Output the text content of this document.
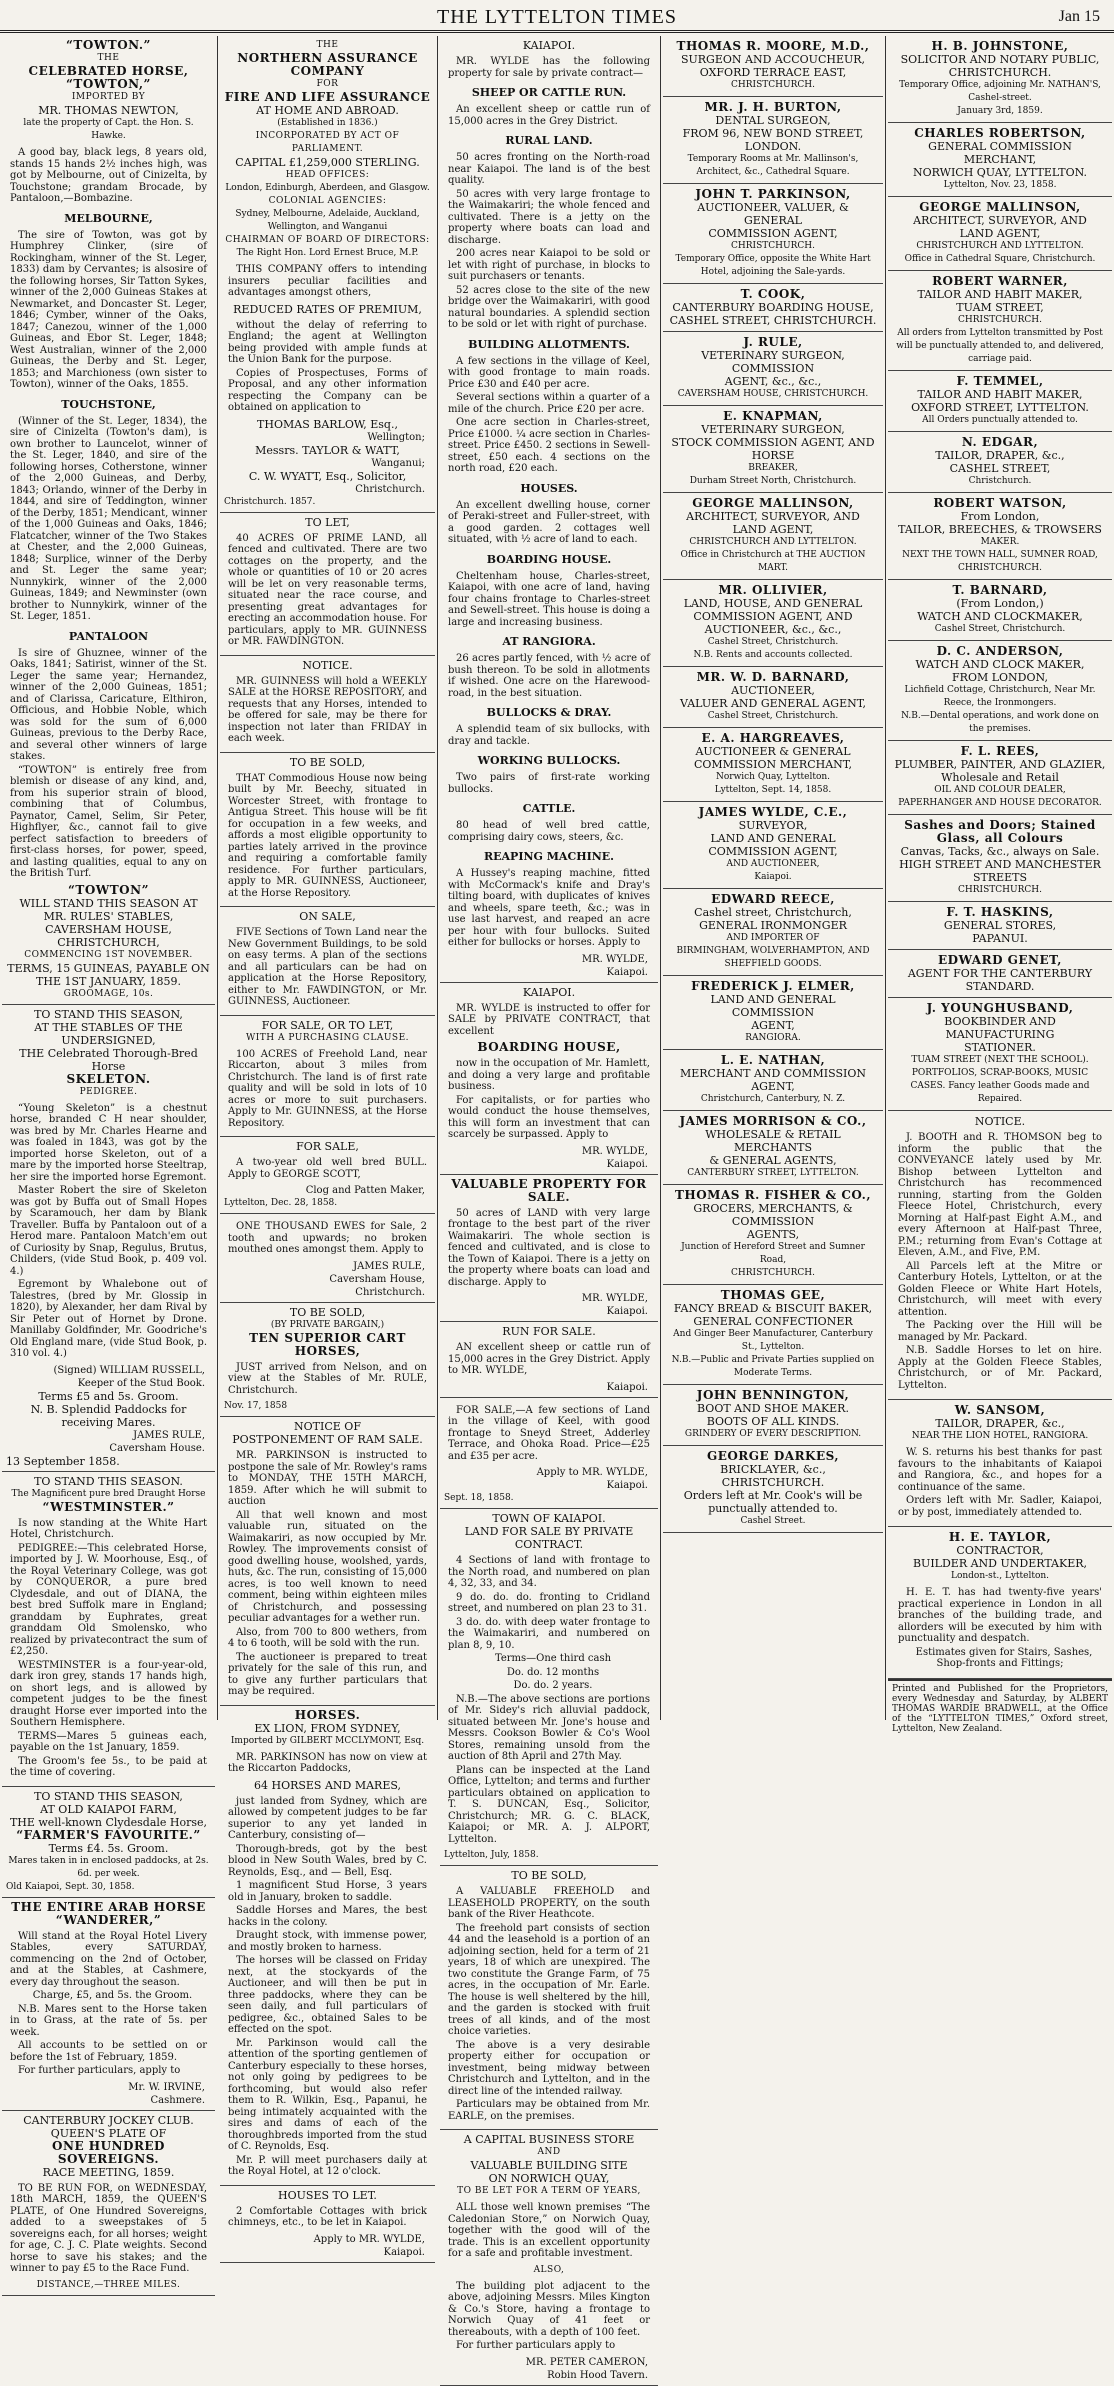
THE LYTTELTON TIMES	Jan 15
“TOWTON.”
THE
CELEBRATED HORSE, “TOWTON,”
IMPORTED BY
MR. THOMAS NEWTON,
late the property of Capt. the Hon. S. Hawke.

A good bay, black legs, 8 years old, stands 15 hands 2½ inches high, was got by Melbourne, out of Cinizelta, by Touchstone; grandam Brocade, by Pantaloon,—Bombazine.

MELBOURNE,

The sire of Towton, was got by Humphrey Clinker, (sire of Rockingham, winner of the St. Leger, 1833) dam by Cervantes; is alsosire of the following horses, Sir Tatton Sykes, winner of the 2,000 Guineas Stakes at Newmarket, and Doncaster St. Leger, 1846; Cymber, winner of the Oaks, 1847; Canezou, winner of the 1,000 Guineas, and Ebor St. Leger, 1848; West Australian, winner of the 2,000 Guineas, the Derby and St. Leger, 1853; and Marchioness (own sister to Towton), winner of the Oaks, 1855.

TOUCHSTONE,

(Winner of the St. Leger, 1834), the sire of Cinizelta (Towton's dam), is own brother to Launcelot, winner of the St. Leger, 1840, and sire of the following horses, Cotherstone, winner of the 2,000 Guineas, and Derby, 1843; Orlando, winner of the Derby in 1844, and sire of Teddington, winner of the Derby, 1851; Mendicant, winner of the 1,000 Guineas and Oaks, 1846; Flatcatcher, winner of the Two Stakes at Chester, and the 2,000 Guineas, 1848; Surplice, winner of the Derby and St. Leger the same year; Nunnykirk, winner of the 2,000 Guineas, 1849; and Newminster (own brother to Nunnykirk, winner of the St. Leger, 1851.

PANTALOON

Is sire of Ghuznee, winner of the Oaks, 1841; Satirist, winner of the St. Leger the same year; Hernandez, winner of the 2,000 Guineas, 1851; and of Clarissa, Caricature, Elthiron, Officious, and Hobbie Noble, which was sold for the sum of 6,000 Guineas, previous to the Derby Race, and several other winners of large stakes.

“TOWTON” is entirely free from blemish or disease of any kind, and, from his superior strain of blood, combining that of Columbus, Paynator, Camel, Selim, Sir Peter, Highflyer, &c., cannot fail to give perfect satisfaction to breeders of first-class horses, for power, speed, and lasting qualities, equal to any on the British Turf.

“TOWTON”
WILL STAND THIS SEASON AT
MR. RULES' STABLES,
CAVERSHAM HOUSE, CHRISTCHURCH,
COMMENCING 1ST NOVEMBER.
TERMS, 15 GUINEAS, PAYABLE ON
THE 1ST JANUARY, 1859.
GROOMAGE, 10s.
TO STAND THIS SEASON,
AT THE STABLES OF THE
UNDERSIGNED,
THE Celebrated Thorough-Bred Horse
SKELETON.
PEDIGREE.

“Young Skeleton” is a chestnut horse, branded C H near shoulder, was bred by Mr. Charles Hearne and was foaled in 1843, was got by the imported horse Skeleton, out of a mare by the imported horse Steeltrap, her sire the imported horse Egremont.

Master Robert the sire of Skeleton was got by Buffa out of Small Hopes by Scaramouch, her dam by Blank Traveller. Buffa by Pantaloon out of a Herod mare. Pantaloon Match'em out of Curiosity by Snap, Regulus, Brutus, Childers, (vide Stud Book, p. 409 vol. 4.)

Egremont by Whalebone out of Talestres, (bred by Mr. Glossip in 1820), by Alexander, her dam Rival by Sir Peter out of Hornet by Drone. Manillaby Goldfinder, Mr. Goodriche's Old England mare, (vide Stud Book, p. 310 vol. 4.)

(Signed) WILLIAM RUSSELL,
Keeper of the Stud Book.
Terms £5 and 5s. Groom.
N. B. Splendid Paddocks for receiving Mares.
JAMES RULE,
Caversham House.
13 September 1858.
TO STAND THIS SEASON.
The Magnificent pure bred Draught Horse
“WESTMINSTER.”

Is now standing at the White Hart Hotel, Christchurch.

PEDIGREE:—This celebrated Horse, imported by J. W. Moorhouse, Esq., of the Royal Veterinary College, was got by CONQUEROR, a pure bred Clydesdale, and out of DIANA, the best bred Suffolk mare in England; granddam by Euphrates, great granddam Old Smolensko, who realized by privatecontract the sum of £2,250.

WESTMINSTER is a four-year-old, dark iron grey, stands 17 hands high, on short legs, and is allowed by competent judges to be the finest draught Horse ever imported into the Southern Hemisphere.

TERMS—Mares 5 guineas each, payable on the 1st January, 1859.

The Groom's fee 5s., to be paid at the time of covering.

TO STAND THIS SEASON,
AT OLD KAIAPOI FARM,
THE well-known Clydesdale Horse,
“FARMER'S FAVOURITE.”
Terms £4. 5s. Groom.
Mares taken in in enclosed paddocks, at 2s. 6d. per week.
Old Kaiapoi, Sept. 30, 1858.
THE ENTIRE ARAB HORSE
“WANDERER,”

Will stand at the Royal Hotel Livery Stables, every SATURDAY, commencing on the 2nd of October, and at the Stables, at Cashmere, every day throughout the season.

Charge, £5, and 5s. the Groom.

N.B. Mares sent to the Horse taken in to Grass, at the rate of 5s. per week.

All accounts to be settled on or before the 1st of February, 1859.

For further particulars, apply to

Mr. W. IRVINE,
Cashmere.
CANTERBURY JOCKEY CLUB.
QUEEN'S PLATE OF
ONE HUNDRED SOVEREIGNS.
RACE MEETING, 1859.

TO BE RUN FOR, on WEDNESDAY, 18th MARCH, 1859, the QUEEN'S PLATE, of One Hundred Sovereigns, added to a sweepstakes of 5 sovereigns each, for all horses; weight for age, C. J. C. Plate weights. Second horse to save his stakes; and the winner to pay £5 to the Race Fund.

DISTANCE,—THREE MILES.
THE
NORTHERN ASSURANCE COMPANY
FOR
FIRE AND LIFE ASSURANCE
AT HOME AND ABROAD.
(Established in 1836.)
INCORPORATED BY ACT OF PARLIAMENT.
CAPITAL £1,259,000 STERLING.
HEAD OFFICES:
London, Edinburgh, Aberdeen, and Glasgow.
COLONIAL AGENCIES:
Sydney, Melbourne, Adelaide, Auckland, Wellington, and Wanganui
CHAIRMAN OF BOARD OF DIRECTORS:
The Right Hon. Lord Ernest Bruce, M.P.

THIS COMPANY offers to intending insurers peculiar facilities and advantages amongst others,

REDUCED RATES OF PREMIUM,

without the delay of referring to England; the agent at Wellington being provided with ample funds at the Union Bank for the purpose.

Copies of Prospectuses, Forms of Proposal, and any other information respecting the Company can be obtained on application to

THOMAS BARLOW, Esq.,
Wellington;
Messrs. TAYLOR & WATT,
Wanganui;
C. W. WYATT, Esq., Solicitor,
Christchurch.
Christchurch. 1857.
TO LET,

40 ACRES OF PRIME LAND, all fenced and cultivated. There are two cottages on the property, and the whole or quantities of 10 or 20 acres will be let on very reasonable terms, situated near the race course, and presenting great advantages for erecting an accommodation house. For particulars, apply to MR. GUINNESS or MR. FAWDINGTON.

NOTICE.

MR. GUINNESS will hold a WEEKLY SALE at the HORSE REPOSITORY, and requests that any Horses, intended to be offered for sale, may be there for inspection not later than FRIDAY in each week.

TO BE SOLD,

THAT Commodious House now being built by Mr. Beechy, situated in Worcester Street, with frontage to Antigua Street. This house will be fit for occupation in a few weeks, and affords a most eligible opportunity to parties lately arrived in the province and requiring a comfortable family residence. For further particulars, apply to MR. GUINNESS, Auctioneer, at the Horse Repository.

ON SALE,

FIVE Sections of Town Land near the New Government Buildings, to be sold on easy terms. A plan of the sections and all particulars can be had on application at the Horse Repository, either to Mr. FAWDINGTON, or Mr. GUINNESS, Auctioneer.

FOR SALE, OR TO LET,
WITH A PURCHASING CLAUSE.

100 ACRES of Freehold Land, near Riccarton, about 3 miles from Christchurch. The land is of first rate quality and will be sold in lots of 10 acres or more to suit purchasers. Apply to Mr. GUINNESS, at the Horse Repository.

FOR SALE,

A two-year old well bred BULL. Apply to GEORGE SCOTT,

Clog and Patten Maker,
Lyttelton, Dec. 28, 1858.

ONE THOUSAND EWES for Sale, 2 tooth and upwards; no broken mouthed ones amongst them. Apply to

JAMES RULE,
Caversham House,
Christchurch.
TO BE SOLD,
(BY PRIVATE BARGAIN,)
TEN SUPERIOR CART HORSES,

JUST arrived from Nelson, and on view at the Stables of Mr. RULE, Christchurch.

Nov. 17, 1858
NOTICE OF
POSTPONEMENT OF RAM SALE.

MR. PARKINSON is instructed to postpone the sale of Mr. Rowley's rams to MONDAY, THE 15TH MARCH, 1859. After which he will submit to auction

All that well known and most valuable run, situated on the Waimakariri, as now occupied by Mr. Rowley. The improvements consist of good dwelling house, woolshed, yards, huts, &c. The run, consisting of 15,000 acres, is too well known to need comment, being within eighteen miles of Christchurch, and possessing peculiar advantages for a wether run.

Also, from 700 to 800 wethers, from 4 to 6 tooth, will be sold with the run.

The auctioneer is prepared to treat privately for the sale of this run, and to give any further particulars that may be required.

HORSES.
EX LION, FROM SYDNEY,
Imported by GILBERT MCCLYMONT, Esq.

MR. PARKINSON has now on view at the Riccarton Paddocks,

64 HORSES AND MARES,

just landed from Sydney, which are allowed by competent judges to be far superior to any yet landed in Canterbury, consisting of—

Thorough-breds, got by the best blood in New South Wales, bred by C. Reynolds, Esq., and — Bell, Esq.

1 magnificent Stud Horse, 3 years old in January, broken to saddle.

Saddle Horses and Mares, the best hacks in the colony.

Draught stock, with immense power, and mostly broken to harness.

The horses will be classed on Friday next, at the stockyards of the Auctioneer, and will then be put in three paddocks, where they can be seen daily, and full particulars of pedigree, &c., obtained Sales to be effected on the spot.

Mr. Parkinson would call the attention of the sporting gentlemen of Canterbury especially to these horses, not only going by pedigrees to be forthcoming, but would also refer them to R. Wilkin, Esq., Papanui, he being intimately acquainted with the sires and dams of each of the thoroughbreds imported from the stud of C. Reynolds, Esq.

Mr. P. will meet purchasers daily at the Royal Hotel, at 12 o'clock.

HOUSES TO LET.

2 Comfortable Cottages with brick chimneys, etc., to be let in Kaiapoi.

Apply to MR. WYLDE,
Kaiapoi.
KAIAPOI.

MR. WYLDE has the following property for sale by private contract—

SHEEP OR CATTLE RUN.

An excellent sheep or cattle run of 15,000 acres in the Grey District.

RURAL LAND.

50 acres fronting on the North-road near Kaiapoi. The land is of the best quality.

50 acres with very large frontage to the Waimakariri; the whole fenced and cultivated. There is a jetty on the property where boats can load and discharge.

200 acres near Kaiapoi to be sold or let with right of purchase, in blocks to suit purchasers or tenants.

52 acres close to the site of the new bridge over the Waimakariri, with good natural boundaries. A splendid section to be sold or let with right of purchase.

BUILDING ALLOTMENTS.

A few sections in the village of Keel, with good frontage to main roads. Price £30 and £40 per acre.

Several sections within a quarter of a mile of the church. Price £20 per acre.

One acre section in Charles-street, Price £1000. ¼ acre section in Charles-street. Price £450. 2 sections in Sewell-street, £50 each. 4 sections on the north road, £20 each.

HOUSES.

An excellent dwelling house, corner of Peraki-street and Fuller-street, with a good garden. 2 cottages well situated, with ½ acre of land to each.

BOARDING HOUSE.

Cheltenham house, Charles-street, Kaiapoi, with one acre of land, having four chains frontage to Charles-street and Sewell-street. This house is doing a large and increasing business.

AT RANGIORA.

26 acres partly fenced, with ½ acre of bush thereon. To be sold in allotments if wished. One acre on the Harewood-road, in the best situation.

BULLOCKS & DRAY.

A splendid team of six bullocks, with dray and tackle.

WORKING BULLOCKS.

Two pairs of first-rate working bullocks.

CATTLE.

80 head of well bred cattle, comprising dairy cows, steers, &c.

REAPING MACHINE.

A Hussey's reaping machine, fitted with McCormack's knife and Dray's tilting board, with duplicates of knives and wheels, spare teeth, &c.; was in use last harvest, and reaped an acre per hour with four bullocks. Suited either for bullocks or horses. Apply to

MR. WYLDE,
Kaiapoi.
KAIAPOI.

MR. WYLDE is instructed to offer for SALE by PRIVATE CONTRACT, that excellent

BOARDING HOUSE,

now in the occupation of Mr. Hamlett, and doing a very large and profitable business.

For capitalists, or for parties who would conduct the house themselves, this will form an investment that can scarcely be surpassed. Apply to

MR. WYLDE,
Kaiapoi.
VALUABLE PROPERTY FOR SALE.

50 acres of LAND with very large frontage to the best part of the river Waimakariri. The whole section is fenced and cultivated, and is close to the Town of Kaiapoi. There is a jetty on the property where boats can load and discharge. Apply to

MR. WYLDE,
Kaiapoi.
RUN FOR SALE.

AN excellent sheep or cattle run of 15,000 acres in the Grey District. Apply to MR. WYLDE,

Kaiapoi.

FOR SALE,—A few sections of Land in the village of Keel, with good frontage to Sneyd Street, Adderley Terrace, and Ohoka Road. Price—£25 and £35 per acre.

Apply to MR. WYLDE,
Kaiapoi.
Sept. 18, 1858.
TOWN OF KAIAPOI.
LAND FOR SALE BY PRIVATE CONTRACT.

4 Sections of land with frontage to the North road, and numbered on plan 4, 32, 33, and 34.

9 do. do. do. fronting to Cridland street, and numbered on plan 23 to 31.

3 do. do. with deep water frontage to the Waimakariri, and numbered on plan 8, 9, 10.

Terms—One third cash

Do. do. 12 months

Do. do. 2 years.

N.B.—The above sections are portions of Mr. Sidey's rich alluvial paddock, situated between Mr. Jone's house and Messrs. Cookson Bowler & Co's Wool Stores, remaining unsold from the auction of 8th April and 27th May.

Plans can be inspected at the Land Office, Lyttelton; and terms and further particulars obtained on application to T. S. DUNCAN, Esq., Solicitor, Christchurch; MR. G. C. BLACK, Kaiapoi; or MR. A. J. ALPORT, Lyttelton.

Lyttelton, July, 1858.
TO BE SOLD,

A VALUABLE FREEHOLD and LEASEHOLD PROPERTY, on the south bank of the River Heathcote.

The freehold part consists of section 44 and the leasehold is a portion of an adjoining section, held for a term of 21 years, 18 of which are unexpired. The two constitute the Grange Farm, of 75 acres, in the occupation of Mr. Earle. The house is well sheltered by the hill, and the garden is stocked with fruit trees of all kinds, and of the most choice varieties.

The above is a very desirable property either for occupation or investment, being midway between Christchurch and Lyttelton, and in the direct line of the intended railway.

Particulars may be obtained from Mr. EARLE, on the premises.

A CAPITAL BUSINESS STORE
AND
VALUABLE BUILDING SITE
ON NORWICH QUAY,
TO BE LET FOR A TERM OF YEARS,

ALL those well known premises “The Caledonian Store,” on Norwich Quay, together with the good will of the trade. This is an excellent opportunity for a safe and profitable investment.

ALSO,

The building plot adjacent to the above, adjoining Messrs. Miles Kington & Co.'s Store, having a frontage to Norwich Quay of 41 feet or thereabouts, with a depth of 100 feet.

For further particulars apply to

MR. PETER CAMERON,
Robin Hood Tavern.
THOMAS R. MOORE, M.D.,
SURGEON AND ACCOUCHEUR,
OXFORD TERRACE EAST,
CHRISTCHURCH.
MR. J. H. BURTON,
DENTAL SURGEON,
FROM 96, NEW BOND STREET, LONDON.
Temporary Rooms at Mr. Mallinson's, Architect, &c., Cathedral Square.
JOHN T. PARKINSON,
AUCTIONEER, VALUER, & GENERAL
COMMISSION AGENT,
CHRISTCHURCH.
Temporary Office, opposite the White Hart Hotel, adjoining the Sale-yards.
T. COOK,
CANTERBURY BOARDING HOUSE,
CASHEL STREET, CHRISTCHURCH.
J. RULE,
VETERINARY SURGEON, COMMISSION
AGENT, &c., &c.,
CAVERSHAM HOUSE, CHRISTCHURCH.
E. KNAPMAN,
VETERINARY SURGEON,
STOCK COMMISSION AGENT, AND HORSE
BREAKER,
Durham Street North, Christchurch.
GEORGE MALLINSON,
ARCHITECT, SURVEYOR, AND
LAND AGENT,
CHRISTCHURCH AND LYTTELTON.
Office in Christchurch at THE AUCTION MART.
MR. OLLIVIER,
LAND, HOUSE, AND GENERAL
COMMISSION AGENT, AND AUCTIONEER, &c., &c.,
Cashel Street, Christchurch.
N.B. Rents and accounts collected.
MR. W. D. BARNARD,
AUCTIONEER,
VALUER AND GENERAL AGENT,
Cashel Street, Christchurch.
E. A. HARGREAVES,
AUCTIONEER & GENERAL
COMMISSION MERCHANT,
Norwich Quay, Lyttelton.
Lyttelton, Sept. 14, 1858.
JAMES WYLDE, C.E.,
SURVEYOR,
LAND AND GENERAL COMMISSION AGENT,
AND AUCTIONEER,
Kaiapoi.
EDWARD REECE,
Cashel street, Christchurch,
GENERAL IRONMONGER
AND IMPORTER OF
BIRMINGHAM, WOLVERHAMPTON, AND SHEFFIELD GOODS.
FREDERICK J. ELMER,
LAND AND GENERAL COMMISSION
AGENT,
RANGIORA.
L. E. NATHAN,
MERCHANT AND COMMISSION
AGENT,
Christchurch, Canterbury, N. Z.
JAMES MORRISON & CO.,
WHOLESALE & RETAIL MERCHANTS
& GENERAL AGENTS,
CANTERBURY STREET, LYTTELTON.
THOMAS R. FISHER & CO.,
GROCERS, MERCHANTS, & COMMISSION
AGENTS,
Junction of Hereford Street and Sumner Road,
CHRISTCHURCH.
THOMAS GEE,
FANCY BREAD & BISCUIT BAKER,
GENERAL CONFECTIONER
And Ginger Beer Manufacturer, Canterbury St., Lyttelton.
N.B.—Public and Private Parties supplied on Moderate Terms.
JOHN BENNINGTON,
BOOT AND SHOE MAKER.
BOOTS OF ALL KINDS.
GRINDERY OF EVERY DESCRIPTION.
GEORGE DARKES,
BRICKLAYER, &c., CHRISTCHURCH.
Orders left at Mr. Cook's will be punctually attended to.
Cashel Street.
H. B. JOHNSTONE,
SOLICITOR AND NOTARY PUBLIC,
CHRISTCHURCH.
Temporary Office, adjoining Mr. NATHAN'S, Cashel-street.
January 3rd, 1859.
CHARLES ROBERTSON,
GENERAL COMMISSION MERCHANT,
NORWICH QUAY, LYTTELTON.
Lyttelton, Nov. 23, 1858.
GEORGE MALLINSON,
ARCHITECT, SURVEYOR, AND
LAND AGENT,
CHRISTCHURCH AND LYTTELTON.
Office in Cathedral Square, Christchurch.
ROBERT WARNER,
TAILOR AND HABIT MAKER,
TUAM STREET,
CHRISTCHURCH.
All orders from Lyttelton transmitted by Post will be punctually attended to, and delivered, carriage paid.
F. TEMMEL,
TAILOR AND HABIT MAKER,
OXFORD STREET, LYTTELTON.
All Orders punctually attended to.
N. EDGAR,
TAILOR, DRAPER, &c.,
CASHEL STREET,
Christchurch.
ROBERT WATSON,
From London,
TAILOR, BREECHES, & TROWSERS
MAKER.
NEXT THE TOWN HALL, SUMNER ROAD, CHRISTCHURCH.
T. BARNARD,
(From London,)
WATCH AND CLOCKMAKER,
Cashel Street, Christchurch.
D. C. ANDERSON,
WATCH AND CLOCK MAKER,
FROM LONDON,
Lichfield Cottage, Christchurch, Near Mr. Reece, the Ironmongers.
N.B.—Dental operations, and work done on the premises.
F. L. REES,
PLUMBER, PAINTER, AND GLAZIER,
Wholesale and Retail
OIL AND COLOUR DEALER,
PAPERHANGER AND HOUSE DECORATOR.
Sashes and Doors; Stained Glass, all Colours
Canvas, Tacks, &c., always on Sale.
HIGH STREET AND MANCHESTER STREETS
CHRISTCHURCH.
F. T. HASKINS,
GENERAL STORES,
PAPANUI.
EDWARD GENET,
AGENT FOR THE CANTERBURY
STANDARD.
J. YOUNGHUSBAND,
BOOKBINDER AND MANUFACTURING
STATIONER.
TUAM STREET (NEXT THE SCHOOL).
PORTFOLIOS, SCRAP-BOOKS, MUSIC CASES. Fancy leather Goods made and Repaired.
NOTICE.

J. BOOTH and R. THOMSON beg to inform the public that the CONVEYANCE lately used by Mr. Bishop between Lyttelton and Christchurch has recommenced running, starting from the Golden Fleece Hotel, Christchurch, every Morning at Half-past Eight A.M., and every Afternoon at Half-past Three, P.M.; returning from Evan's Cottage at Eleven, A.M., and Five, P.M.

All Parcels left at the Mitre or Canterbury Hotels, Lyttelton, or at the Golden Fleece or White Hart Hotels, Christchurch, will meet with every attention.

The Packing over the Hill will be managed by Mr. Packard.

N.B. Saddle Horses to let on hire. Apply at the Golden Fleece Stables, Christchurch, or of Mr. Packard, Lyttelton.

W. SANSOM,
TAILOR, DRAPER, &c.,
NEAR THE LION HOTEL, RANGIORA.

W. S. returns his best thanks for past favours to the inhabitants of Kaiapoi and Rangiora, &c., and hopes for a continuance of the same.

Orders left with Mr. Sadler, Kaiapoi, or by post, immediately attended to.

H. E. TAYLOR,
CONTRACTOR,
BUILDER AND UNDERTAKER,
London-st., Lyttelton.

H. E. T. has had twenty-five years' practical experience in London in all branches of the building trade, and allorders will be executed by him with punctuality and despatch.

Estimates given for Stairs, Sashes, Shop-fronts and Fittings;

Printed and Published for the Proprietors, every Wednesday and Saturday, by ALBERT THOMAS WARDIE BRADWELL, at the Office of the “LYTTELTON TIMES,” Oxford street, Lyttelton, New Zealand.
